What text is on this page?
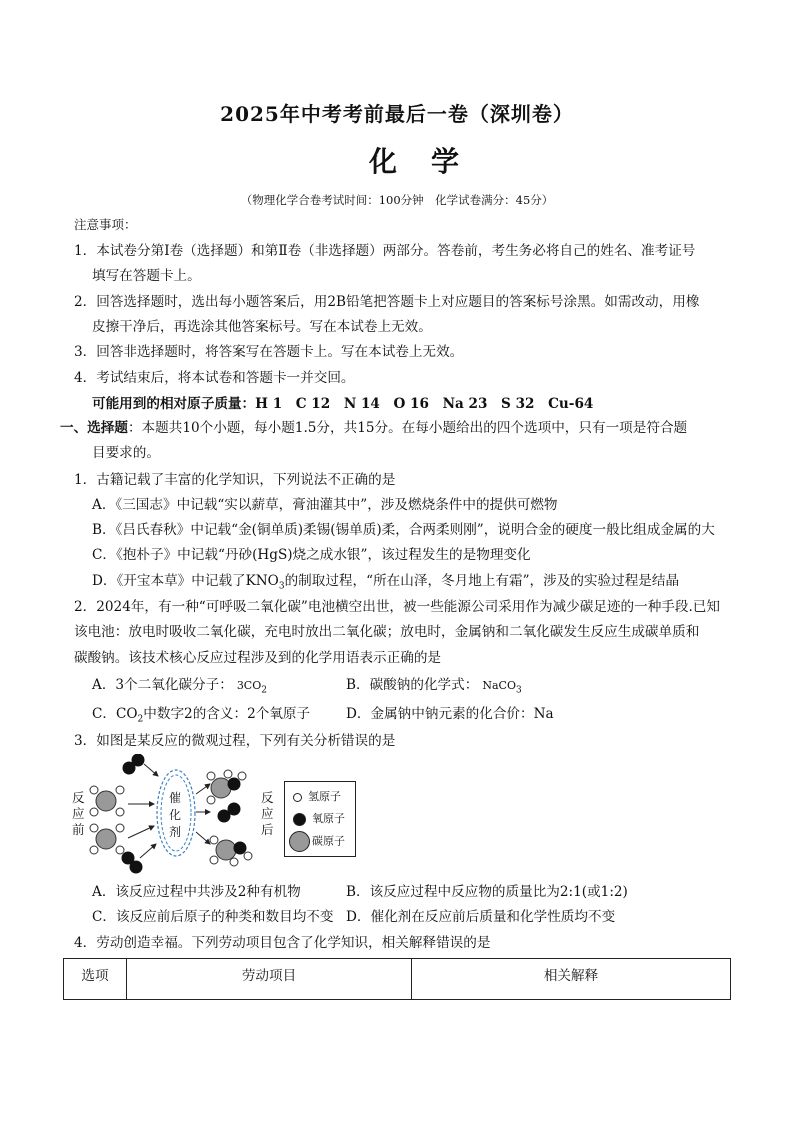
2025年中考考前最后一卷（深圳卷）
化学
（物理化学合卷考试时间：100分钟　化学试卷满分：45分）
注意事项：
1．本试卷分第Ⅰ卷（选择题）和第Ⅱ卷（非选择题）两部分。答卷前，考生务必将自己的姓名、准考证号
填写在答题卡上。
2．回答选择题时，选出每小题答案后，用2B铅笔把答题卡上对应题目的答案标号涂黑。如需改动，用橡
皮擦干净后，再选涂其他答案标号。写在本试卷上无效。
3．回答非选择题时，将答案写在答题卡上。写在本试卷上无效。
4．考试结束后，将本试卷和答题卡一并交回。
可能用到的相对原子质量：H 1　C 12　N 14　O 16　Na 23　S 32　Cu-64
一、选择题：本题共10个小题，每小题1.5分，共15分。在每小题给出的四个选项中，只有一项是符合题
目要求的。
1．古籍记载了丰富的化学知识，下列说法不正确的是
A．《三国志》中记载“实以薪草，膏油灌其中”，涉及燃烧条件中的提供可燃物
B．《吕氏春秋》中记载“金(铜单质)柔锡(锡单质)柔，合两柔则刚”，说明合金的硬度一般比组成金属的大
C．《抱朴子》中记载“丹砂(HgS)烧之成水银”，该过程发生的是物理变化
D．《开宝本草》中记载了$KNO_3$的制取过程，“所在山泽，冬月地上有霜”，涉及的实验过程是结晶
2．2024年，有一种“可呼吸二氧化碳”电池横空出世，被一些能源公司采用作为减少碳足迹的一种手段.已知
该电池：放电时吸收二氧化碳，充电时放出二氧化碳；放电时，金属钠和二氧化碳发生反应生成碳单质和
碳酸钠。该技术核心反应过程涉及到的化学用语表示正确的是
A．3个二氧化碳分子： $3CO_2$	B．碳酸钠的化学式： NaCO$_3$
C．$CO_2$中数字2的含义：2个氧原子	D．金属钠中钠元素的化合价：Na
3．如图是某反应的微观过程，下列有关分析错误的是
反应前
催化剂
反应后
氢原子
氧原子
碳原子
A．该反应过程中共涉及2种有机物	B．该反应过程中反应物的质量比为2:1(或1:2)
C．该反应前后原子的种类和数目均不变 D．催化剂在反应前后质量和化学性质均不变
4．劳动创造幸福。下列劳动项目包含了化学知识，相关解释错误的是
选项	劳动项目	相关解释
